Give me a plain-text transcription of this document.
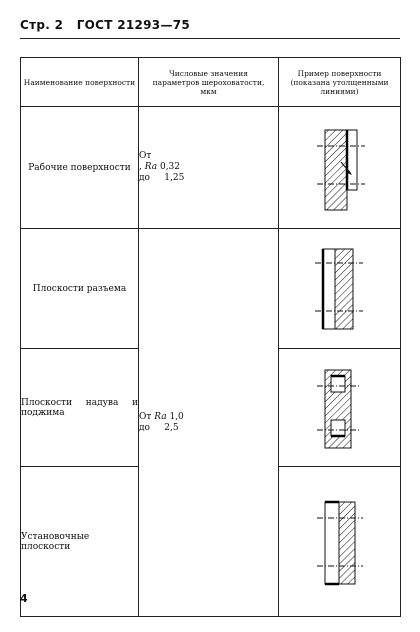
Стр. 2 ГОСТ 21293—75
Наименование поверхности	Числовые значения параметров шероховатости, мкм	Пример поверхности (показана утолщенными линиями)
Рабочие поверхности	От
, Ra 0,32
до 1,25

Плоскости разъема	От Ra 1,0
до 2,5

Плоскости надува и поджима	

Установочные плоскости	
4
